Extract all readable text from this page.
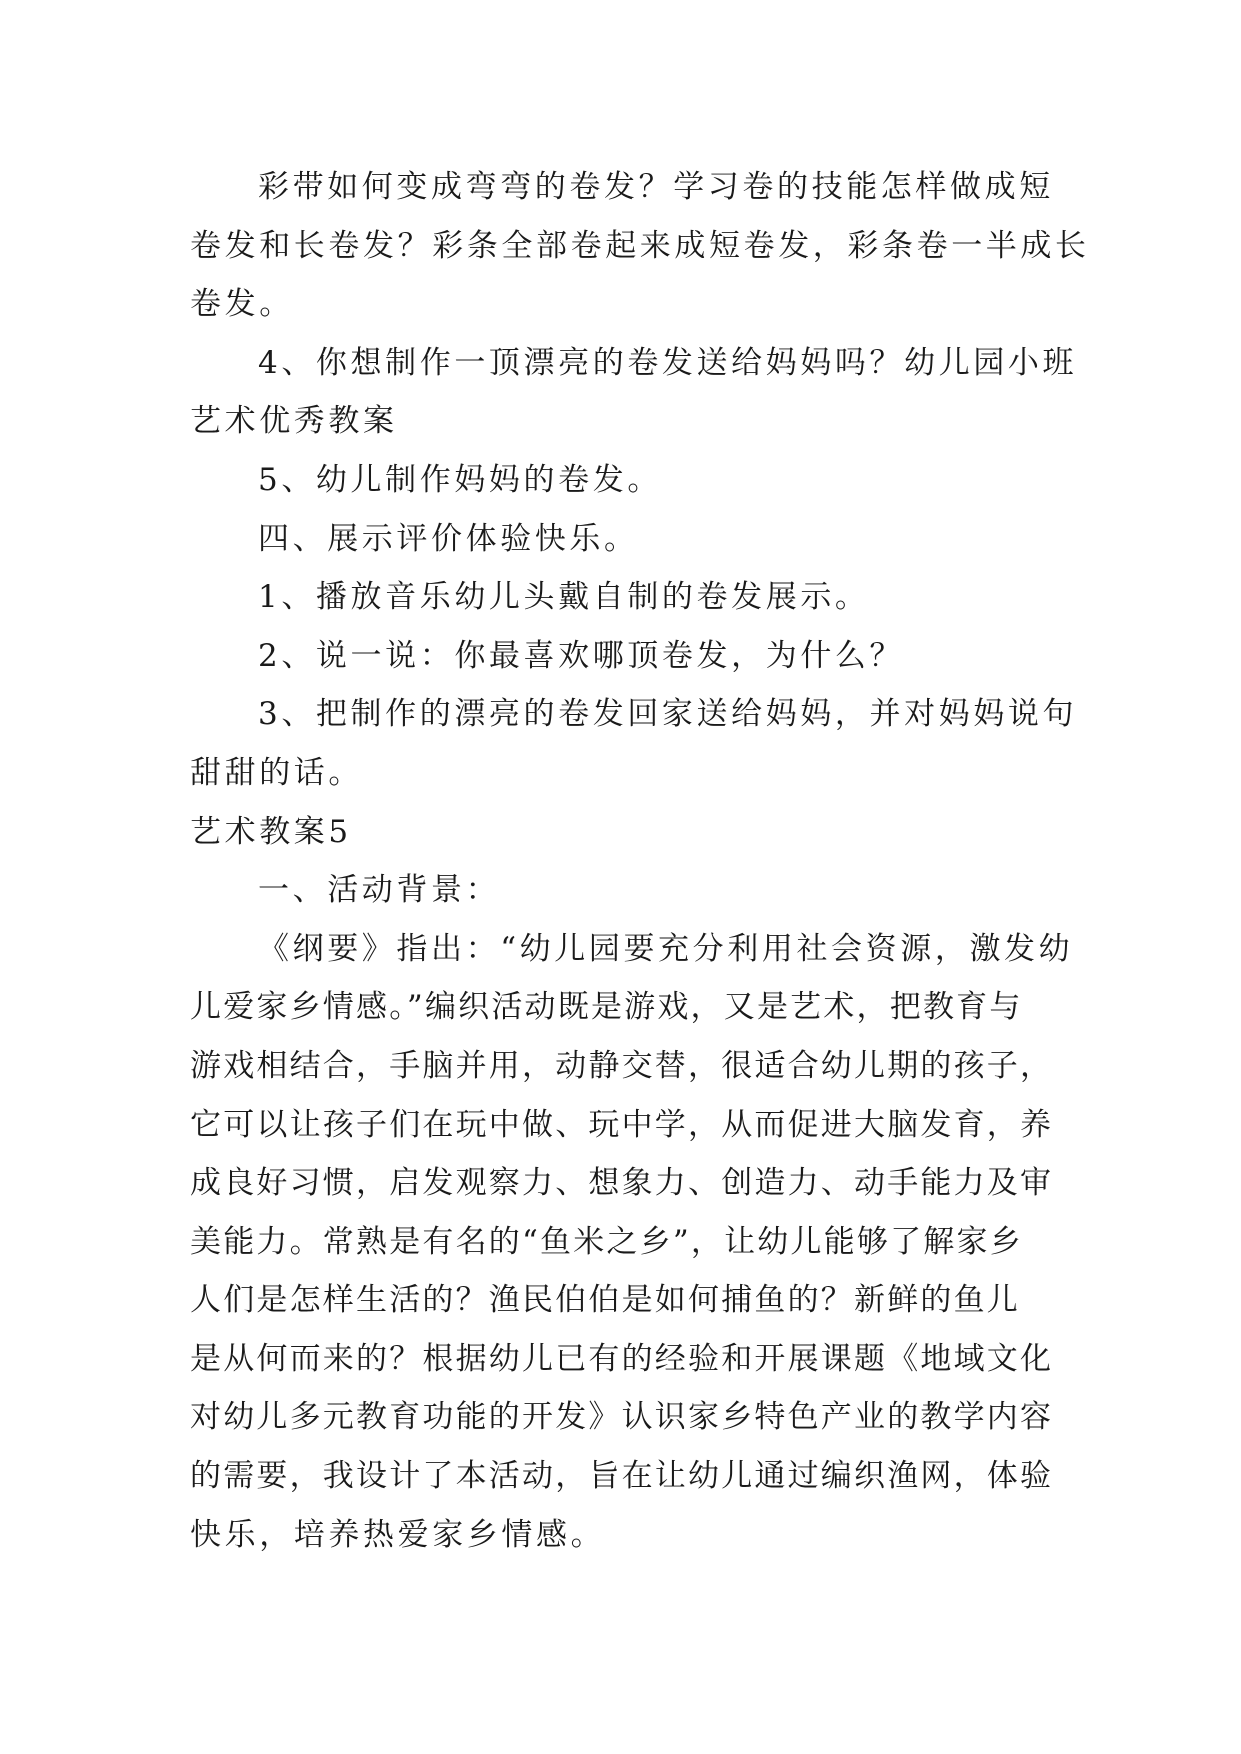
彩带如何变成弯弯的卷发？学习卷的技能怎样做成短
卷发和长卷发？彩条全部卷起来成短卷发，彩条卷一半成长
卷发。
4、你想制作一顶漂亮的卷发送给妈妈吗？幼儿园小班
艺术优秀教案
5、幼儿制作妈妈的卷发。
四、展示评价体验快乐。
1、播放音乐幼儿头戴自制的卷发展示。
2、说一说：你最喜欢哪顶卷发，为什么？
3、把制作的漂亮的卷发回家送给妈妈，并对妈妈说句
甜甜的话。
艺术教案5
一、活动背景：
《纲要》指出：“幼儿园要充分利用社会资源，激发幼
儿爱家乡情感。”编织活动既是游戏，又是艺术，把教育与
游戏相结合，手脑并用，动静交替，很适合幼儿期的孩子，
它可以让孩子们在玩中做、玩中学，从而促进大脑发育，养
成良好习惯，启发观察力、想象力、创造力、动手能力及审
美能力。常熟是有名的“鱼米之乡”，让幼儿能够了解家乡
人们是怎样生活的？渔民伯伯是如何捕鱼的？新鲜的鱼儿
是从何而来的？根据幼儿已有的经验和开展课题《地域文化
对幼儿多元教育功能的开发》认识家乡特色产业的教学内容
的需要，我设计了本活动，旨在让幼儿通过编织渔网，体验
快乐，培养热爱家乡情感。
